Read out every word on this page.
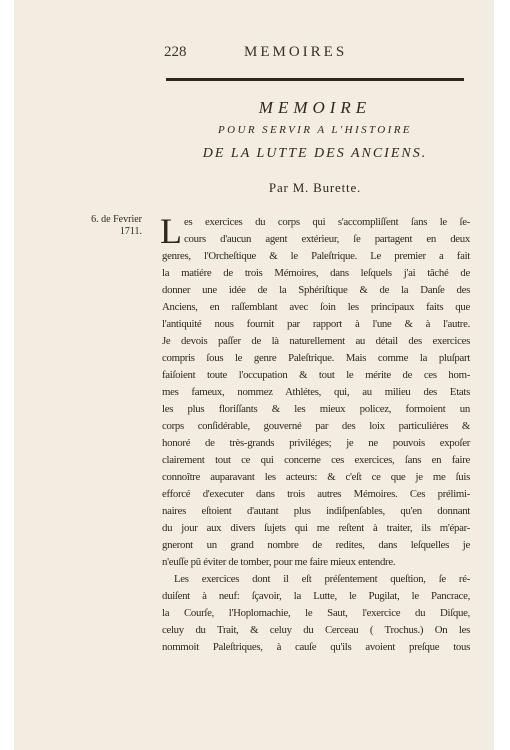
228	MEMOIRES
MEMOIRE
POUR SERVIR A L'HISTOIRE
DE LA LUTTE DES ANCIENS.
Par M. Burette.
6. de Fevrier
1711. L es exercices du corps qui s'accompliſſent ſans le ſe-
cours d'aucun agent extérieur, ſe partagent en deux
genres, l'Orcheſtique & le Paleſtrique. Le premier a fait
la matiére de trois Mémoires, dans leſquels j'ai tâché de
donner une idée de la Sphériſtique & de la Danſe des
Anciens, en raſſemblant avec ſoin les principaux faits que
l'antiquité nous fournit par rapport à l'une & à l'autre.
Je devois paſſer de là naturellement au détail des exercices
compris ſous le genre Paleſtrique. Mais comme la pluſpart
faiſoient toute l'occupation & tout le mérite de ces hom-
mes fameux, nommez Athlétes, qui, au milieu des Etats
les plus floriſſants & les mieux policez, formoient un
corps conſidérable, gouverné par des loix particuliéres &
honoré de très-grands priviléges; je ne pouvois expoſer
clairement tout ce qui concerne ces exercices, ſans en faire
connoître auparavant les acteurs: & c'eſt ce que je me ſuis
efforcé d'executer dans trois autres Mémoires. Ces prélimi-
naires eſtoient d'autant plus indiſpenſables, qu'en donnant
du jour aux divers ſujets qui me reſtent à traiter, ils m'épar-
gneront un grand nombre de redites, dans leſquelles je
n'euſſe pû éviter de tomber, pour me faire mieux entendre.
Les exercices dont il eſt préſentement queſtion, ſe ré-
duiſent à neuf: ſçavoir, la Lutte, le Pugilat, le Pancrace,
la Courſe, l'Hoplomachie, le Saut, l'exercice du Diſque,
celuy du Trait, & celuy du Cerceau ( Trochus.) On les
nommoit Paleſtriques, à cauſe qu'ils avoient preſque tous
